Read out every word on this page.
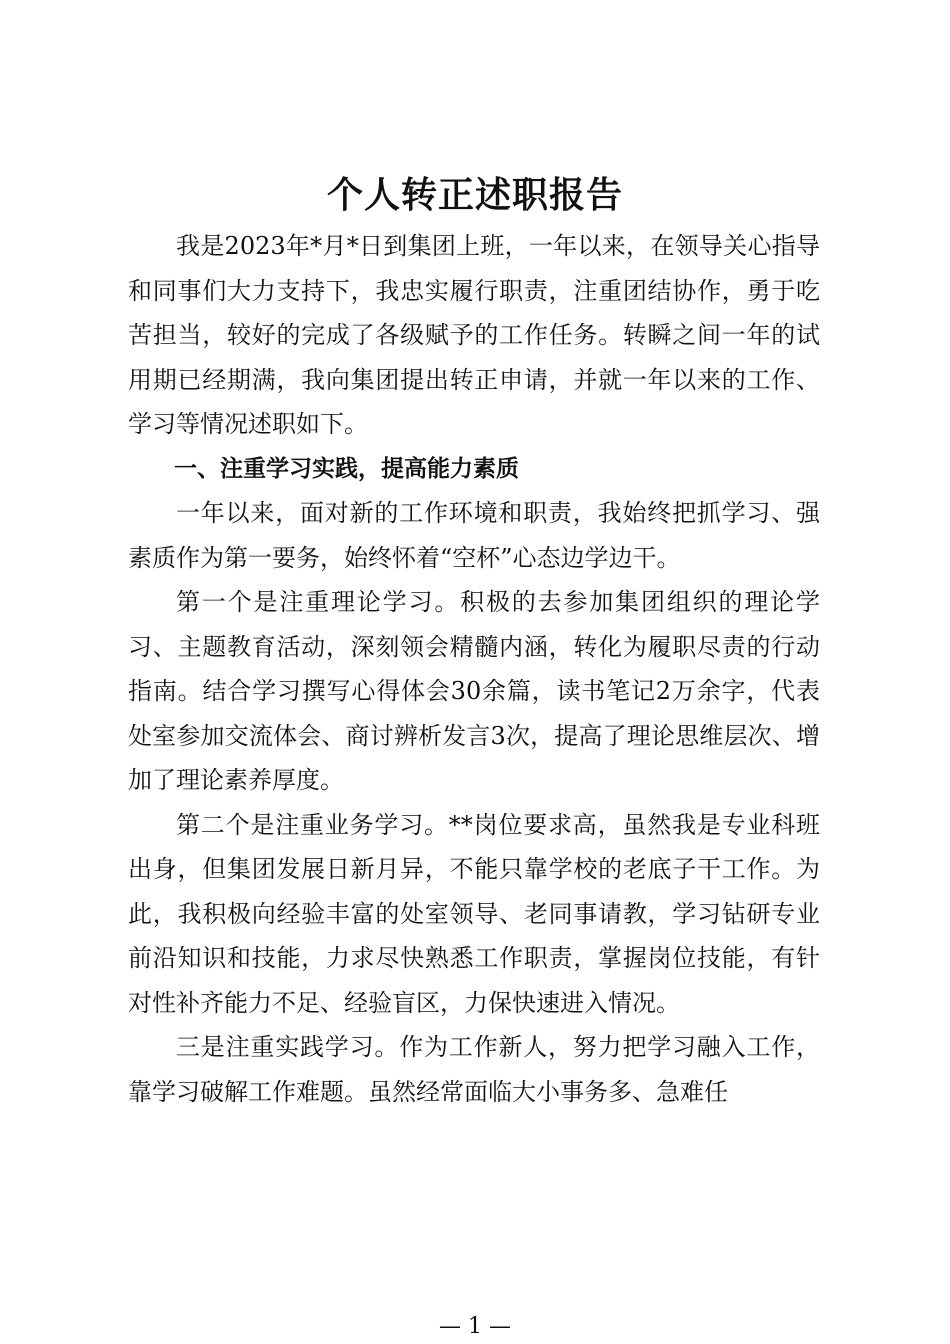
个人转正述职报告

我是2023年*月*日到集团上班，一年以来，在领导关心指导和同事们大力支持下，我忠实履行职责，注重团结协作，勇于吃苦担当，较好的完成了各级赋予的工作任务。转瞬之间一年的试用期已经期满，我向集团提出转正申请，并就一年以来的工作、学习等情况述职如下。

一、注重学习实践，提高能力素质

一年以来，面对新的工作环境和职责，我始终把抓学习、强素质作为第一要务，始终怀着“空杯”心态边学边干。

第一个是注重理论学习。积极的去参加集团组织的理论学习、主题教育活动，深刻领会精髓内涵，转化为履职尽责的行动指南。结合学习撰写心得体会30余篇，读书笔记2万余字，代表处室参加交流体会、商讨辨析发言3次，提高了理论思维层次、增加了理论素养厚度。

第二个是注重业务学习。**岗位要求高，虽然我是专业科班出身，但集团发展日新月异，不能只靠学校的老底子干工作。为此，我积极向经验丰富的处室领导、老同事请教，学习钻研专业前沿知识和技能，力求尽快熟悉工作职责，掌握岗位技能，有针对性补齐能力不足、经验盲区，力保快速进入情况。

三是注重实践学习。作为工作新人，努力把学习融入工作，靠学习破解工作难题。虽然经常面临大小事务多、急难任

— 1 —
